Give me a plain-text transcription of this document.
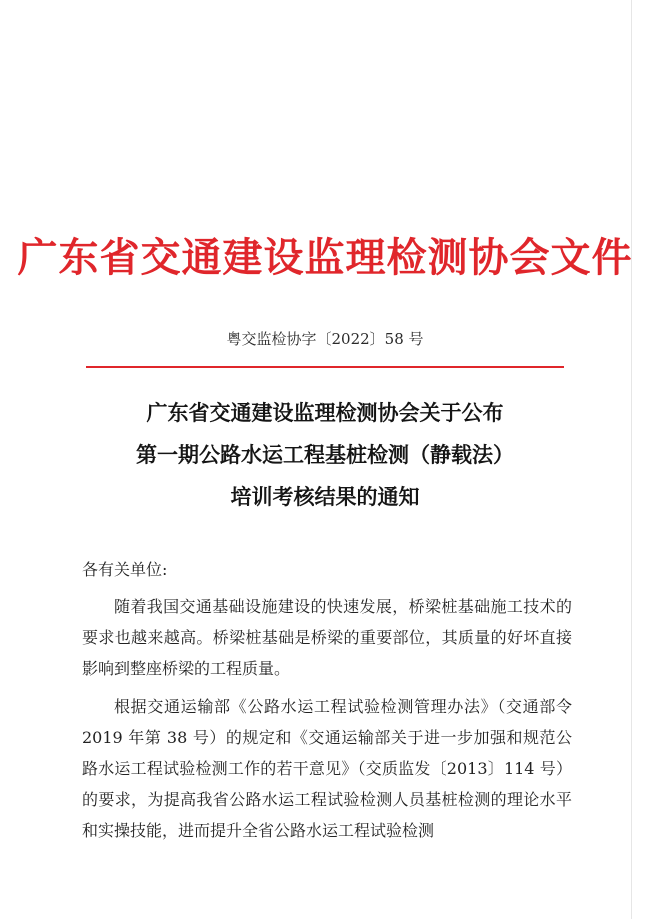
广东省交通建设监理检测协会文件
粤交监检协字〔2022〕58 号
广东省交通建设监理检测协会关于公布
第一期公路水运工程基桩检测（静载法）
培训考核结果的通知
各有关单位:

随着我国交通基础设施建设的快速发展，桥梁桩基础施工技术的要求也越来越高。桥梁桩基础是桥梁的重要部位，其质量的好坏直接影响到整座桥梁的工程质量。

根据交通运输部《公路水运工程试验检测管理办法》（交通部令 2019 年第 38 号）的规定和《交通运输部关于进一步加强和规范公路水运工程试验检测工作的若干意见》（交质监发〔2013〕114 号）的要求，为提高我省公路水运工程试验检测人员基桩检测的理论水平和实操技能，进而提升全省公路水运工程试验检测
